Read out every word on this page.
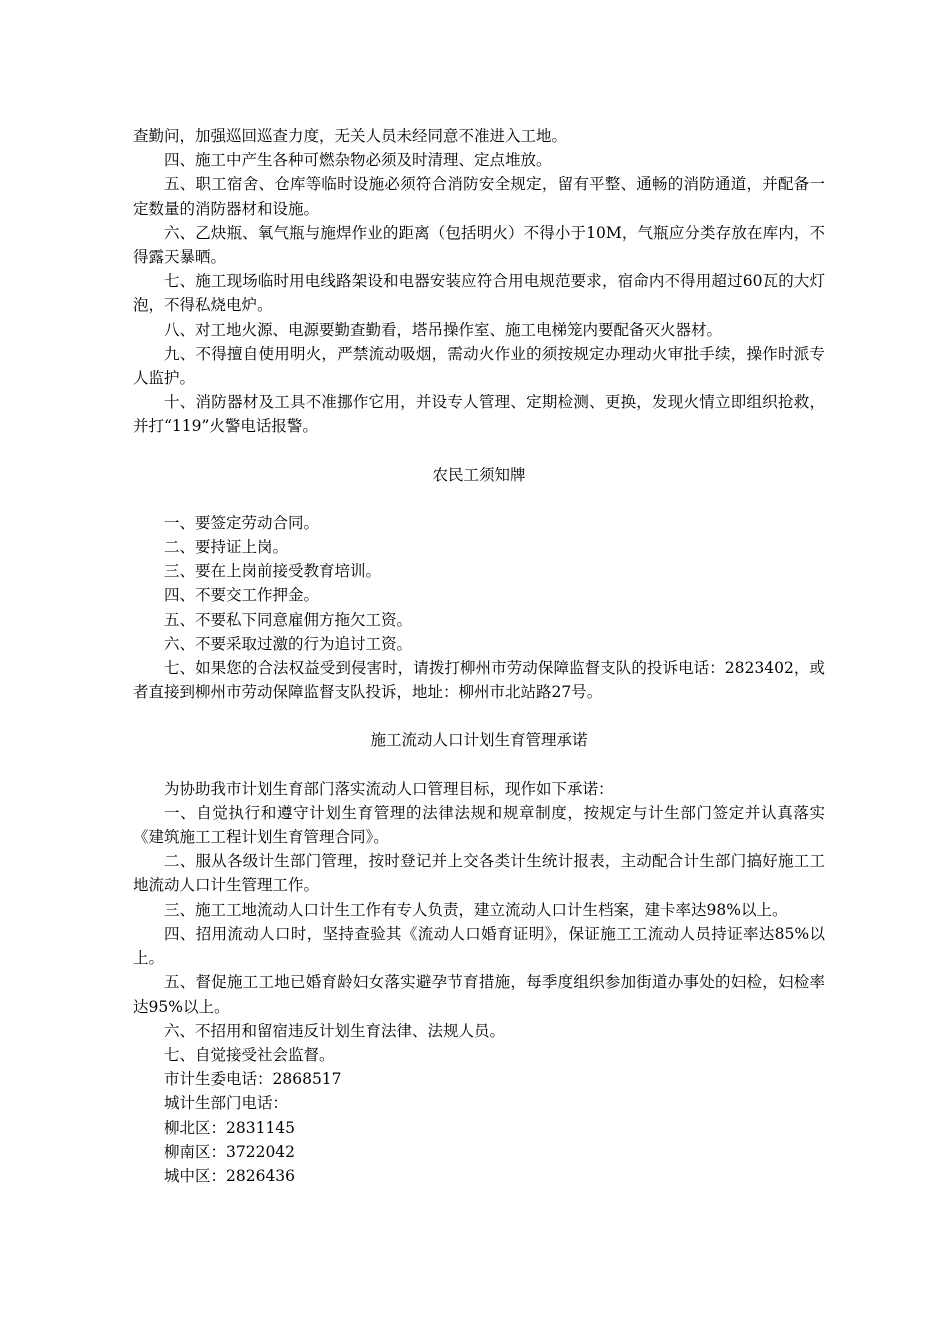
查勤问，加强巡回巡查力度，无关人员未经同意不准进入工地。

四、施工中产生各种可燃杂物必须及时清理、定点堆放。

五、职工宿舍、仓库等临时设施必须符合消防安全规定，留有平整、通畅的消防通道，并配备一定数量的消防器材和设施。

六、乙炔瓶、氧气瓶与施焊作业的距离（包括明火）不得小于10M，气瓶应分类存放在库内，不得露天暴晒。

七、施工现场临时用电线路架设和电器安装应符合用电规范要求，宿命内不得用超过60瓦的大灯泡，不得私烧电炉。

八、对工地火源、电源要勤查勤看，塔吊操作室、施工电梯笼内要配备灭火器材。

九、不得擅自使用明火，严禁流动吸烟，需动火作业的须按规定办理动火审批手续，操作时派专人监护。

十、消防器材及工具不准挪作它用，并设专人管理、定期检测、更换，发现火情立即组织抢救，并打“119”火警电话报警。

农民工须知牌

一、要签定劳动合同。

二、要持证上岗。

三、要在上岗前接受教育培训。

四、不要交工作押金。

五、不要私下同意雇佣方拖欠工资。

六、不要采取过激的行为追讨工资。

七、如果您的合法权益受到侵害时，请拨打柳州市劳动保障监督支队的投诉电话：2823402，或者直接到柳州市劳动保障监督支队投诉，地址：柳州市北站路27号。

施工流动人口计划生育管理承诺

为协助我市计划生育部门落实流动人口管理目标，现作如下承诺：

一、自觉执行和遵守计划生育管理的法律法规和规章制度，按规定与计生部门签定并认真落实《建筑施工工程计划生育管理合同》。

二、服从各级计生部门管理，按时登记并上交各类计生统计报表，主动配合计生部门搞好施工工地流动人口计生管理工作。

三、施工工地流动人口计生工作有专人负责，建立流动人口计生档案，建卡率达98%以上。

四、招用流动人口时，坚持查验其《流动人口婚育证明》，保证施工工流动人员持证率达85%以上。

五、督促施工工地已婚育龄妇女落实避孕节育措施，每季度组织参加街道办事处的妇检，妇检率达95%以上。

六、不招用和留宿违反计划生育法律、法规人员。

七、自觉接受社会监督。

市计生委电话：2868517

城计生部门电话：

柳北区：2831145

柳南区：3722042

城中区：2826436
